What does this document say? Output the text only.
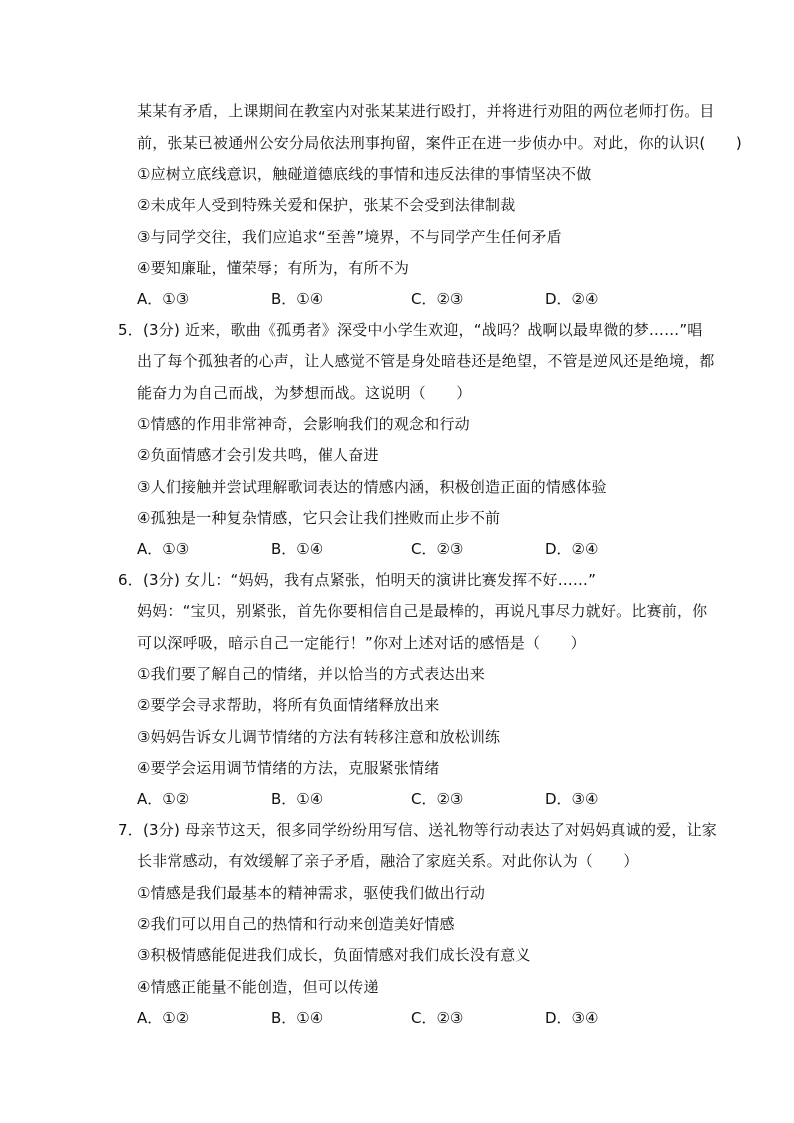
某某有矛盾，上课期间在教室内对张某某进行殴打，并将进行劝阻的两位老师打伤。目
前，张某已被通州公安分局依法刑事拘留，案件正在进一步侦办中。对此，你的认识(　　)
①应树立底线意识，触碰道德底线的事情和违反法律的事情坚决不做
②未成年人受到特殊关爱和保护，张某不会受到法律制裁
③与同学交往，我们应追求“至善”境界，不与同学产生任何矛盾
④要知廉耻，懂荣辱；有所为，有所不为
A．①③	B．①④	C．②③	D．②④
5．(3分) 近来，歌曲《孤勇者》深受中小学生欢迎，“战吗？战啊以最卑微的梦……”唱
出了每个孤独者的心声，让人感觉不管是身处暗巷还是绝望，不管是逆风还是绝境，都
能奋力为自己而战，为梦想而战。这说明（　　）
①情感的作用非常神奇，会影响我们的观念和行动
②负面情感才会引发共鸣，催人奋进
③人们接触并尝试理解歌词表达的情感内涵，积极创造正面的情感体验
④孤独是一种复杂情感，它只会让我们挫败而止步不前
A．①③	B．①④	C．②③	D．②④
6．(3分) 女儿：“妈妈，我有点紧张，怕明天的演讲比赛发挥不好……”
妈妈：“宝贝，别紧张，首先你要相信自己是最棒的，再说凡事尽力就好。比赛前，你
可以深呼吸，暗示自己一定能行！”你对上述对话的感悟是（　　）
①我们要了解自己的情绪，并以恰当的方式表达出来
②要学会寻求帮助，将所有负面情绪释放出来
③妈妈告诉女儿调节情绪的方法有转移注意和放松训练
④要学会运用调节情绪的方法，克服紧张情绪
A．①②	B．①④	C．②③	D．③④
7．(3分) 母亲节这天，很多同学纷纷用写信、送礼物等行动表达了对妈妈真诚的爱，让家
长非常感动，有效缓解了亲子矛盾，融洽了家庭关系。对此你认为（　　）
①情感是我们最基本的精神需求，驱使我们做出行动
②我们可以用自己的热情和行动来创造美好情感
③积极情感能促进我们成长，负面情感对我们成长没有意义
④情感正能量不能创造，但可以传递
A．①②	B．①④	C．②③	D．③④
